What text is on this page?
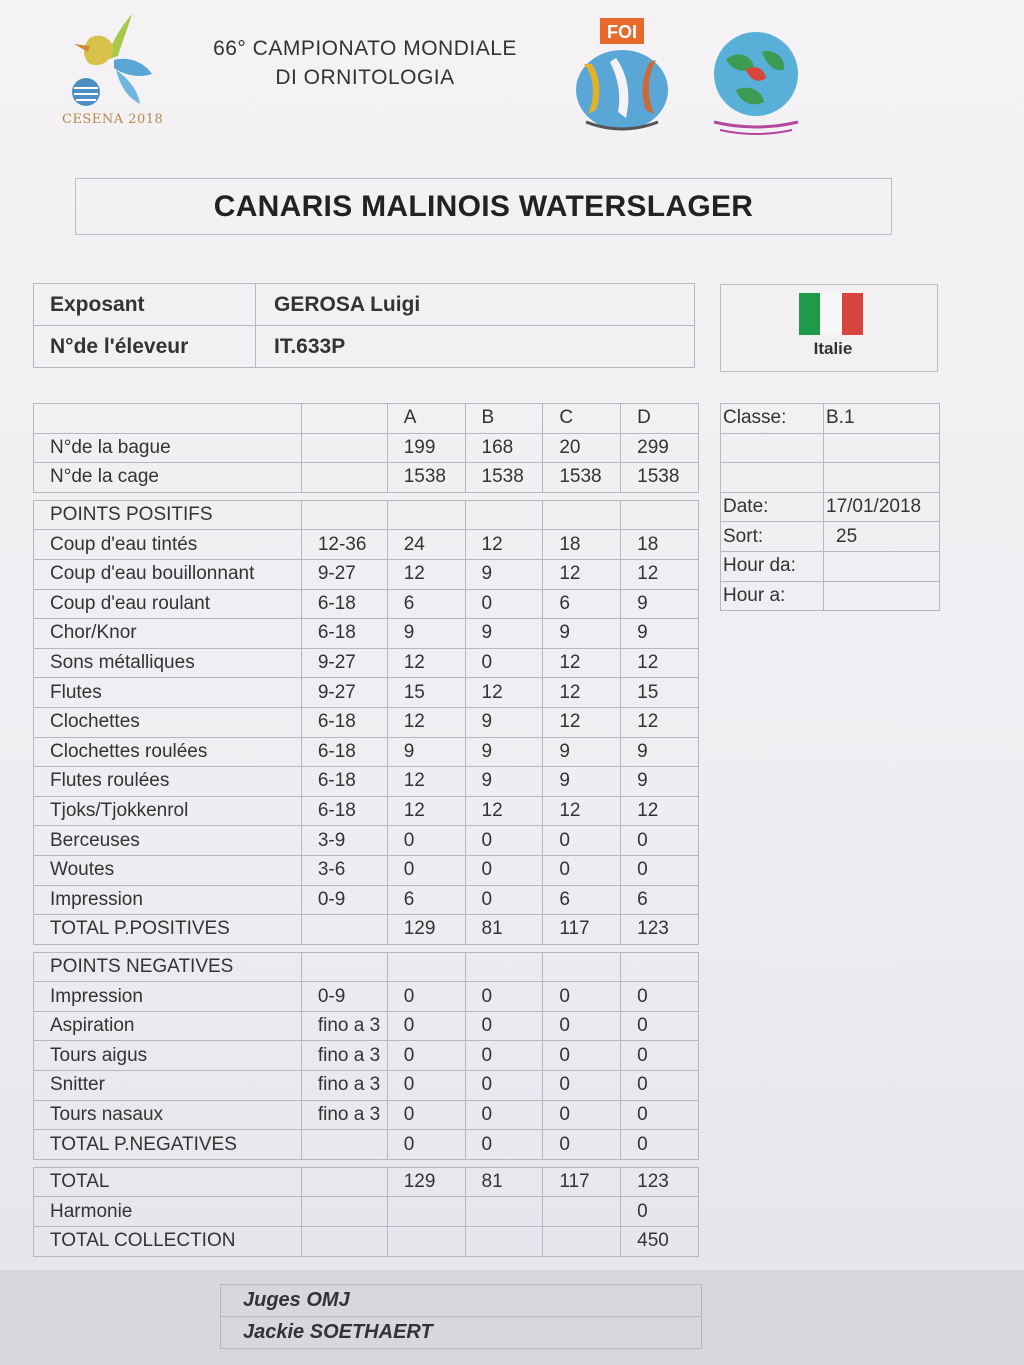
CESENA 2018
66° CAMPIONATO MONDIALE
DI ORNITOLOGIA
FOI
CANARIS MALINOIS WATERSLAGER
Exposant	GEROSA Luigi
N°de l'éleveur	IT.633P	Italie
		A	B	C	D
N°de la bague		199	168	20	299
N°de la cage		1538	1538	1538	1538

POINTS POSITIFS					
Coup d'eau tintés	12-36	24	12	18	18
Coup d'eau bouillonnant	9-27	12	9	12	12
Coup d'eau roulant	6-18	6	0	6	9
Chor/Knor	6-18	9	9	9	9
Sons métalliques	9-27	12	0	12	12
Flutes	9-27	15	12	12	15
Clochettes	6-18	12	9	12	12
Clochettes roulées	6-18	9	9	9	9
Flutes roulées	6-18	12	9	9	9
Tjoks/Tjokkenrol	6-18	12	12	12	12
Berceuses	3-9	0	0	0	0
Woutes	3-6	0	0	0	0
Impression	0-9	6	0	6	6
TOTAL P.POSITIVES		129	81	117	123

POINTS NEGATIVES					
Impression	0-9	0	0	0	0
Aspiration	fino a 3	0	0	0	0
Tours aigus	fino a 3	0	0	0	0
Snitter	fino a 3	0	0	0	0
Tours nasaux	fino a 3	0	0	0	0
TOTAL P.NEGATIVES		0	0	0	0

TOTAL		129	81	117	123
Harmonie					0
TOTAL COLLECTION					450
Classe:	B.1

Date:	17/01/2018
Sort:	25
Hour da:	
Hour a:	
Juges OMJ
Jackie SOETHAERT
